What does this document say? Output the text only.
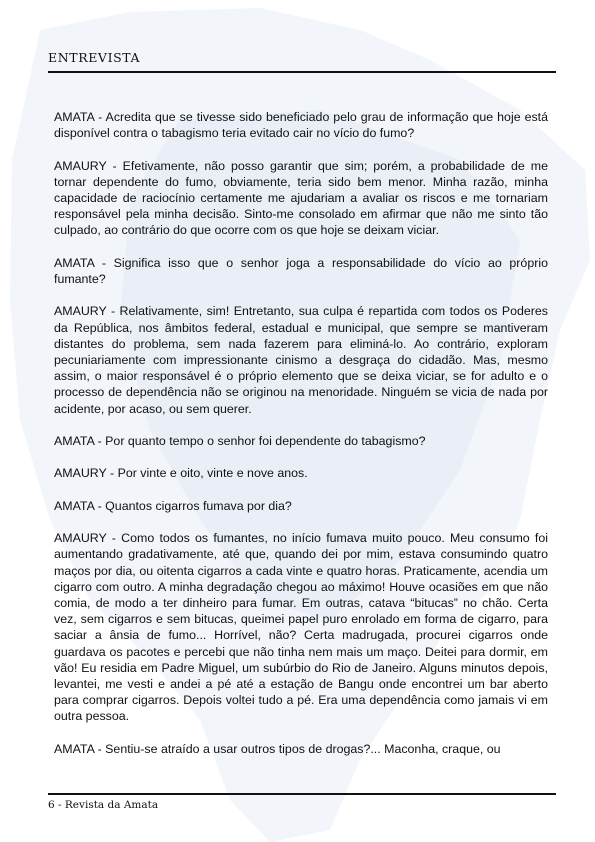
ENTREVISTA

AMATA - Acredita que se tivesse sido beneficiado pelo grau de informação que hoje está disponível contra o tabagismo teria evitado cair no vício do fumo?

AMAURY - Efetivamente, não posso garantir que sim; porém, a probabilidade de me tornar dependente do fumo, obviamente, teria sido bem menor. Minha razão, minha capacidade de raciocínio certamente me ajudariam a avaliar os riscos e me tornariam responsável pela minha decisão. Sinto-me consolado em afirmar que não me sinto tão culpado, ao contrário do que ocorre com os que hoje se deixam viciar.

AMATA - Significa isso que o senhor joga a responsabilidade do vício ao próprio fumante?

AMAURY - Relativamente, sim! Entretanto, sua culpa é repartida com todos os Poderes da República, nos âmbitos federal, estadual e municipal, que sempre se mantiveram distantes do problema, sem nada fazerem para eliminá-lo. Ao contrário, exploram pecuniariamente com impressionante cinismo a desgraça do cidadão. Mas, mesmo assim, o maior responsável é o próprio elemento que se deixa viciar, se for adulto e o processo de dependência não se originou na menoridade. Ninguém se vicia de nada por acidente, por acaso, ou sem querer.

AMATA - Por quanto tempo o senhor foi dependente do tabagismo?

AMAURY - Por vinte e oito, vinte e nove anos.

AMATA - Quantos cigarros fumava por dia?

AMAURY - Como todos os fumantes, no início fumava muito pouco. Meu consumo foi aumentando gradativamente, até que, quando dei por mim, estava consumindo quatro maços por dia, ou oitenta cigarros a cada vinte e quatro horas. Praticamente, acendia um cigarro com outro. A minha degradação chegou ao máximo! Houve ocasiões em que não comia, de modo a ter dinheiro para fumar. Em outras, catava “bitucas” no chão. Certa vez, sem cigarros e sem bitucas, queimei papel puro enrolado em forma de cigarro, para saciar a ânsia de fumo... Horrível, não? Certa madrugada, procurei cigarros onde guardava os pacotes e percebi que não tinha nem mais um maço. Deitei para dormir, em vão! Eu residia em Padre Miguel, um subúrbio do Rio de Janeiro. Alguns minutos depois, levantei, me vesti e andei a pé até a estação de Bangu onde encontrei um bar aberto para comprar cigarros. Depois voltei tudo a pé. Era uma dependência como jamais vi em outra pessoa.

AMATA - Sentiu-se atraído a usar outros tipos de drogas?... Maconha, craque, ou

6 - Revista da Amata
